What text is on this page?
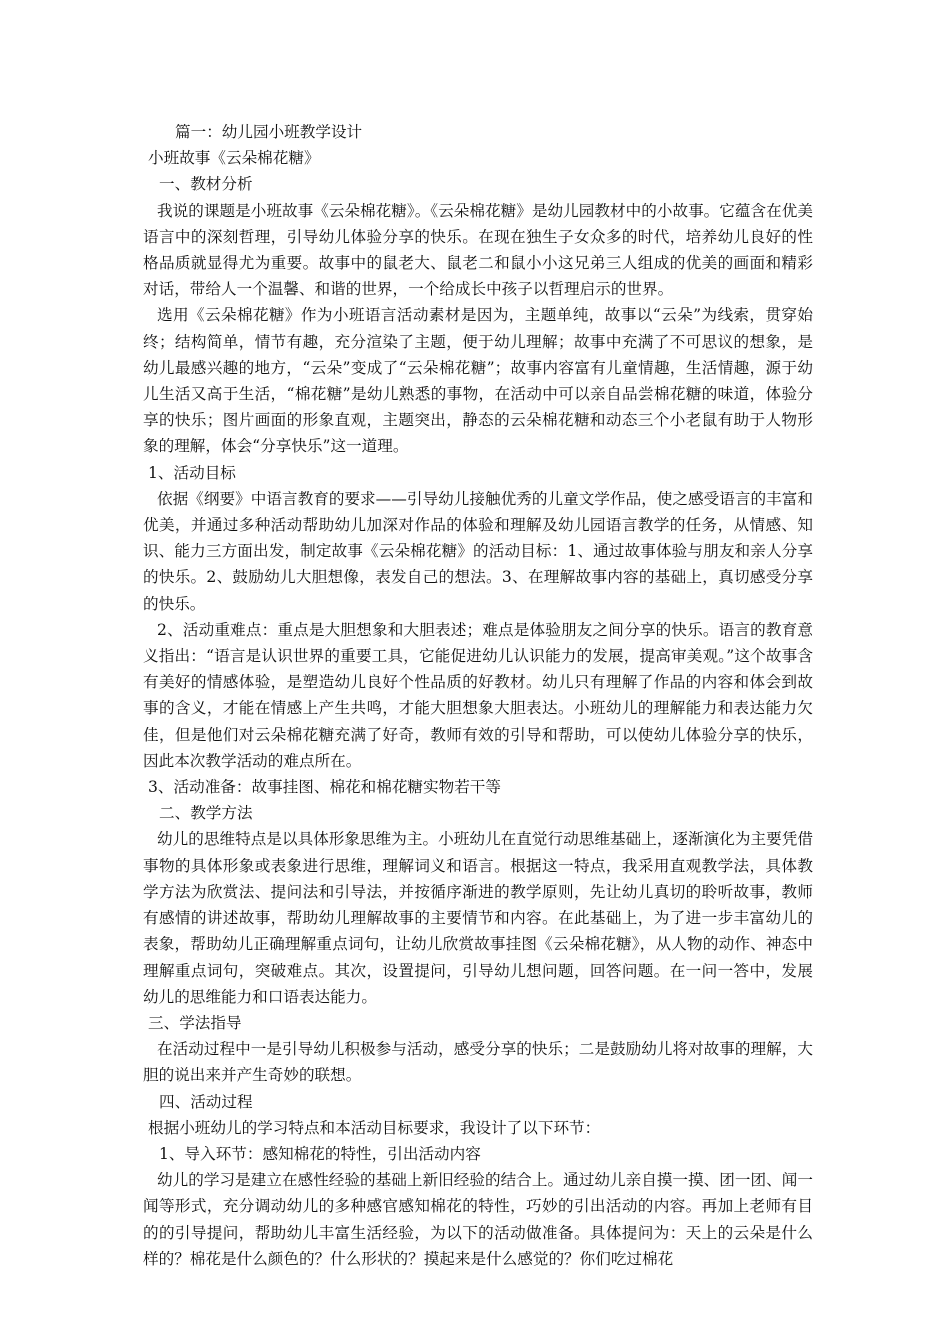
篇一：幼儿园小班教学设计

小班故事《云朵棉花糖》

一、教材分析

我说的课题是小班故事《云朵棉花糖》。《云朵棉花糖》是幼儿园教材中的小故事。它蕴含在优美语言中的深刻哲理，引导幼儿体验分享的快乐。在现在独生子女众多的时代，培养幼儿良好的性格品质就显得尤为重要。故事中的鼠老大、鼠老二和鼠小小这兄弟三人组成的优美的画面和精彩对话，带给人一个温馨、和谐的世界，一个给成长中孩子以哲理启示的世界。

选用《云朵棉花糖》作为小班语言活动素材是因为，主题单纯，故事以“云朵”为线索，贯穿始终；结构简单，情节有趣，充分渲染了主题，便于幼儿理解；故事中充满了不可思议的想象，是幼儿最感兴趣的地方，“云朵”变成了“云朵棉花糖”；故事内容富有儿童情趣，生活情趣，源于幼儿生活又高于生活，“棉花糖”是幼儿熟悉的事物，在活动中可以亲自品尝棉花糖的味道，体验分享的快乐；图片画面的形象直观，主题突出，静态的云朵棉花糖和动态三个小老鼠有助于人物形象的理解，体会“分享快乐”这一道理。

1、活动目标

依据《纲要》中语言教育的要求——引导幼儿接触优秀的儿童文学作品，使之感受语言的丰富和优美，并通过多种活动帮助幼儿加深对作品的体验和理解及幼儿园语言教学的任务，从情感、知识、能力三方面出发，制定故事《云朵棉花糖》的活动目标：1、通过故事体验与朋友和亲人分享的快乐。2、鼓励幼儿大胆想像，表发自己的想法。3、在理解故事内容的基础上，真切感受分享的快乐。

2、活动重难点：重点是大胆想象和大胆表述；难点是体验朋友之间分享的快乐。语言的教育意义指出：“语言是认识世界的重要工具，它能促进幼儿认识能力的发展，提高审美观。”这个故事含有美好的情感体验，是塑造幼儿良好个性品质的好教材。幼儿只有理解了作品的内容和体会到故事的含义，才能在情感上产生共鸣，才能大胆想象大胆表达。小班幼儿的理解能力和表达能力欠佳，但是他们对云朵棉花糖充满了好奇，教师有效的引导和帮助，可以使幼儿体验分享的快乐，因此本次教学活动的难点所在。

3、活动准备：故事挂图、棉花和棉花糖实物若干等

二、教学方法

幼儿的思维特点是以具体形象思维为主。小班幼儿在直觉行动思维基础上，逐渐演化为主要凭借事物的具体形象或表象进行思维，理解词义和语言。根据这一特点，我采用直观教学法，具体教学方法为欣赏法、提问法和引导法，并按循序渐进的教学原则，先让幼儿真切的聆听故事，教师有感情的讲述故事，帮助幼儿理解故事的主要情节和内容。在此基础上，为了进一步丰富幼儿的表象，帮助幼儿正确理解重点词句，让幼儿欣赏故事挂图《云朵棉花糖》，从人物的动作、神态中理解重点词句，突破难点。其次，设置提问，引导幼儿想问题，回答问题。在一问一答中，发展幼儿的思维能力和口语表达能力。

三、学法指导

在活动过程中一是引导幼儿积极参与活动，感受分享的快乐；二是鼓励幼儿将对故事的理解，大胆的说出来并产生奇妙的联想。

四、活动过程

根据小班幼儿的学习特点和本活动目标要求，我设计了以下环节：

1、导入环节：感知棉花的特性，引出活动内容

幼儿的学习是建立在感性经验的基础上新旧经验的结合上。通过幼儿亲自摸一摸、团一团、闻一闻等形式，充分调动幼儿的多种感官感知棉花的特性，巧妙的引出活动的内容。再加上老师有目的的引导提问，帮助幼儿丰富生活经验，为以下的活动做准备。具体提问为：天上的云朵是什么样的？棉花是什么颜色的？什么形状的？摸起来是什么感觉的？你们吃过棉花
